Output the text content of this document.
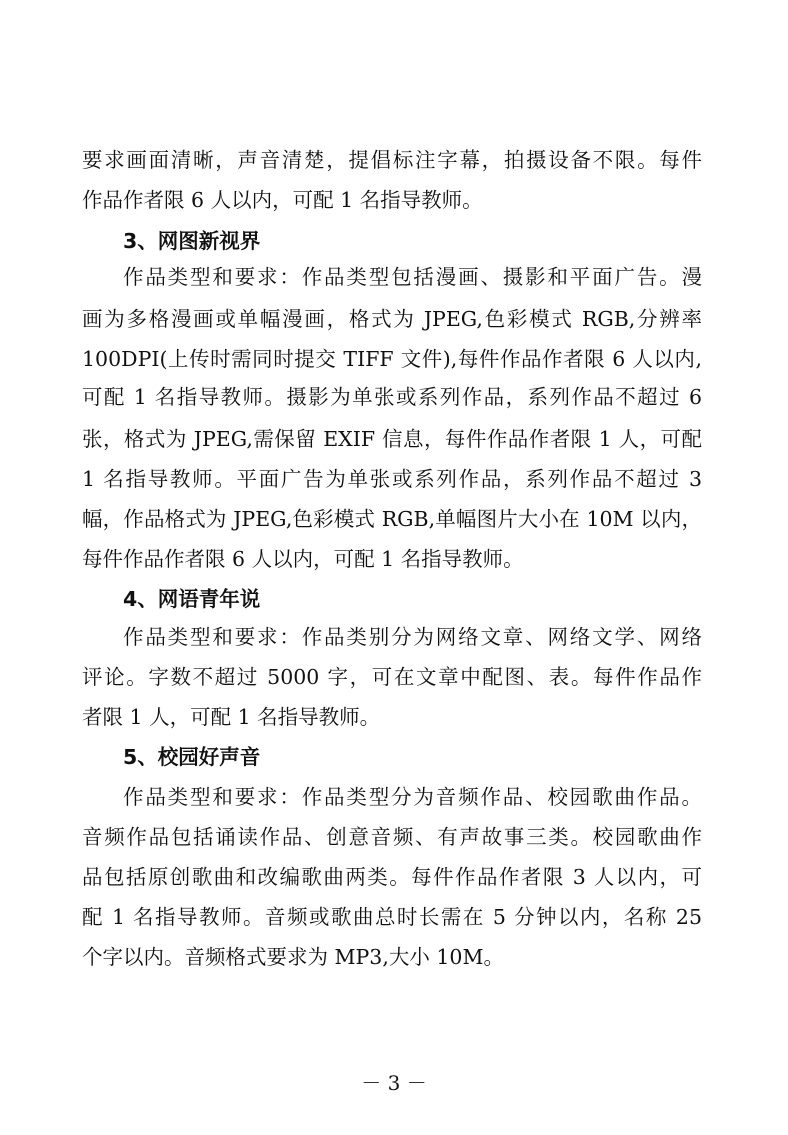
要求画面清晰，声音清楚，提倡标注字幕，拍摄设备不限。每件
作品作者限 6 人以内，可配 1 名指导教师。
3、网图新视界
作品类型和要求：作品类型包括漫画、摄影和平面广告。漫
画为多格漫画或单幅漫画，格式为 JPEG,色彩模式 RGB,分辨率
100DPI(上传时需同时提交 TIFF 文件),每件作品作者限 6 人以内,
可配 1 名指导教师。摄影为单张或系列作品，系列作品不超过 6
张，格式为 JPEG,需保留 EXIF 信息，每件作品作者限 1 人，可配
1 名指导教师。平面广告为单张或系列作品，系列作品不超过 3
幅，作品格式为 JPEG,色彩模式 RGB,单幅图片大小在 10M 以内，
每件作品作者限 6 人以内，可配 1 名指导教师。
4、网语青年说
作品类型和要求：作品类别分为网络文章、网络文学、网络
评论。字数不超过 5000 字，可在文章中配图、表。每件作品作
者限 1 人，可配 1 名指导教师。
5、校园好声音
作品类型和要求：作品类型分为音频作品、校园歌曲作品。
音频作品包括诵读作品、创意音频、有声故事三类。校园歌曲作
品包括原创歌曲和改编歌曲两类。每件作品作者限 3 人以内，可
配 1 名指导教师。音频或歌曲总时长需在 5 分钟以内，名称 25
个字以内。音频格式要求为 MP3,大小 10M。
－ 3 －
